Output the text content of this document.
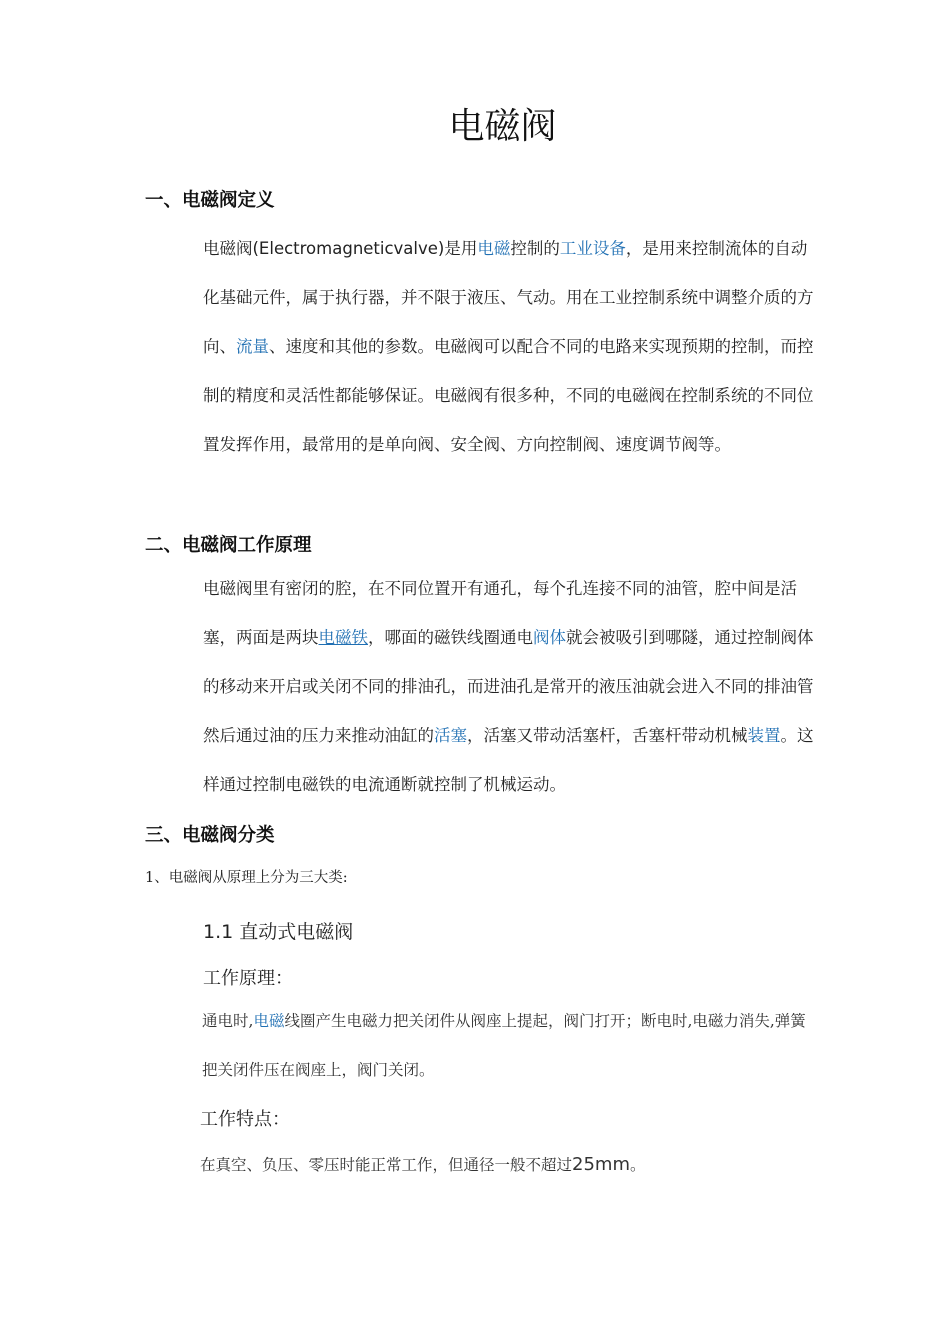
电磁阀
一、电磁阀定义
电磁阀(Electromagneticvalve)是用电磁控制的工业设备，是用来控制流体的自动化基础元件，属于执行器，并不限于液压、气动。用在工业控制系统中调整介质的方向、流量、速度和其他的参数。电磁阀可以配合不同的电路来实现预期的控制，而控制的精度和灵活性都能够保证。电磁阀有很多种，不同的电磁阀在控制系统的不同位置发挥作用，最常用的是单向阀、安全阀、方向控制阀、速度调节阀等。
二、电磁阀工作原理
电磁阀里有密闭的腔，在不同位置开有通孔，每个孔连接不同的油管，腔中间是活塞，两面是两块电磁铁，哪面的磁铁线圈通电阀体就会被吸引到哪隧，通过控制阀体的移动来开启或关闭不同的排油孔，而进油孔是常开的液压油就会进入不同的排油管然后通过油的压力来推动油缸的活塞，活塞又带动活塞杆，舌塞杆带动机械装置。这样通过控制电磁铁的电流通断就控制了机械运动。
三、电磁阀分类
1、电磁阀从原理上分为三大类:
1.1 直动式电磁阀
工作原理：
通电时,电磁线圈产生电磁力把关闭件从阀座上提起，阀门打开；断电时,电磁力消失,弹簧把关闭件压在阀座上，阀门关闭。
工作特点：
在真空、负压、零压时能正常工作，但通径一般不超过25mm。
